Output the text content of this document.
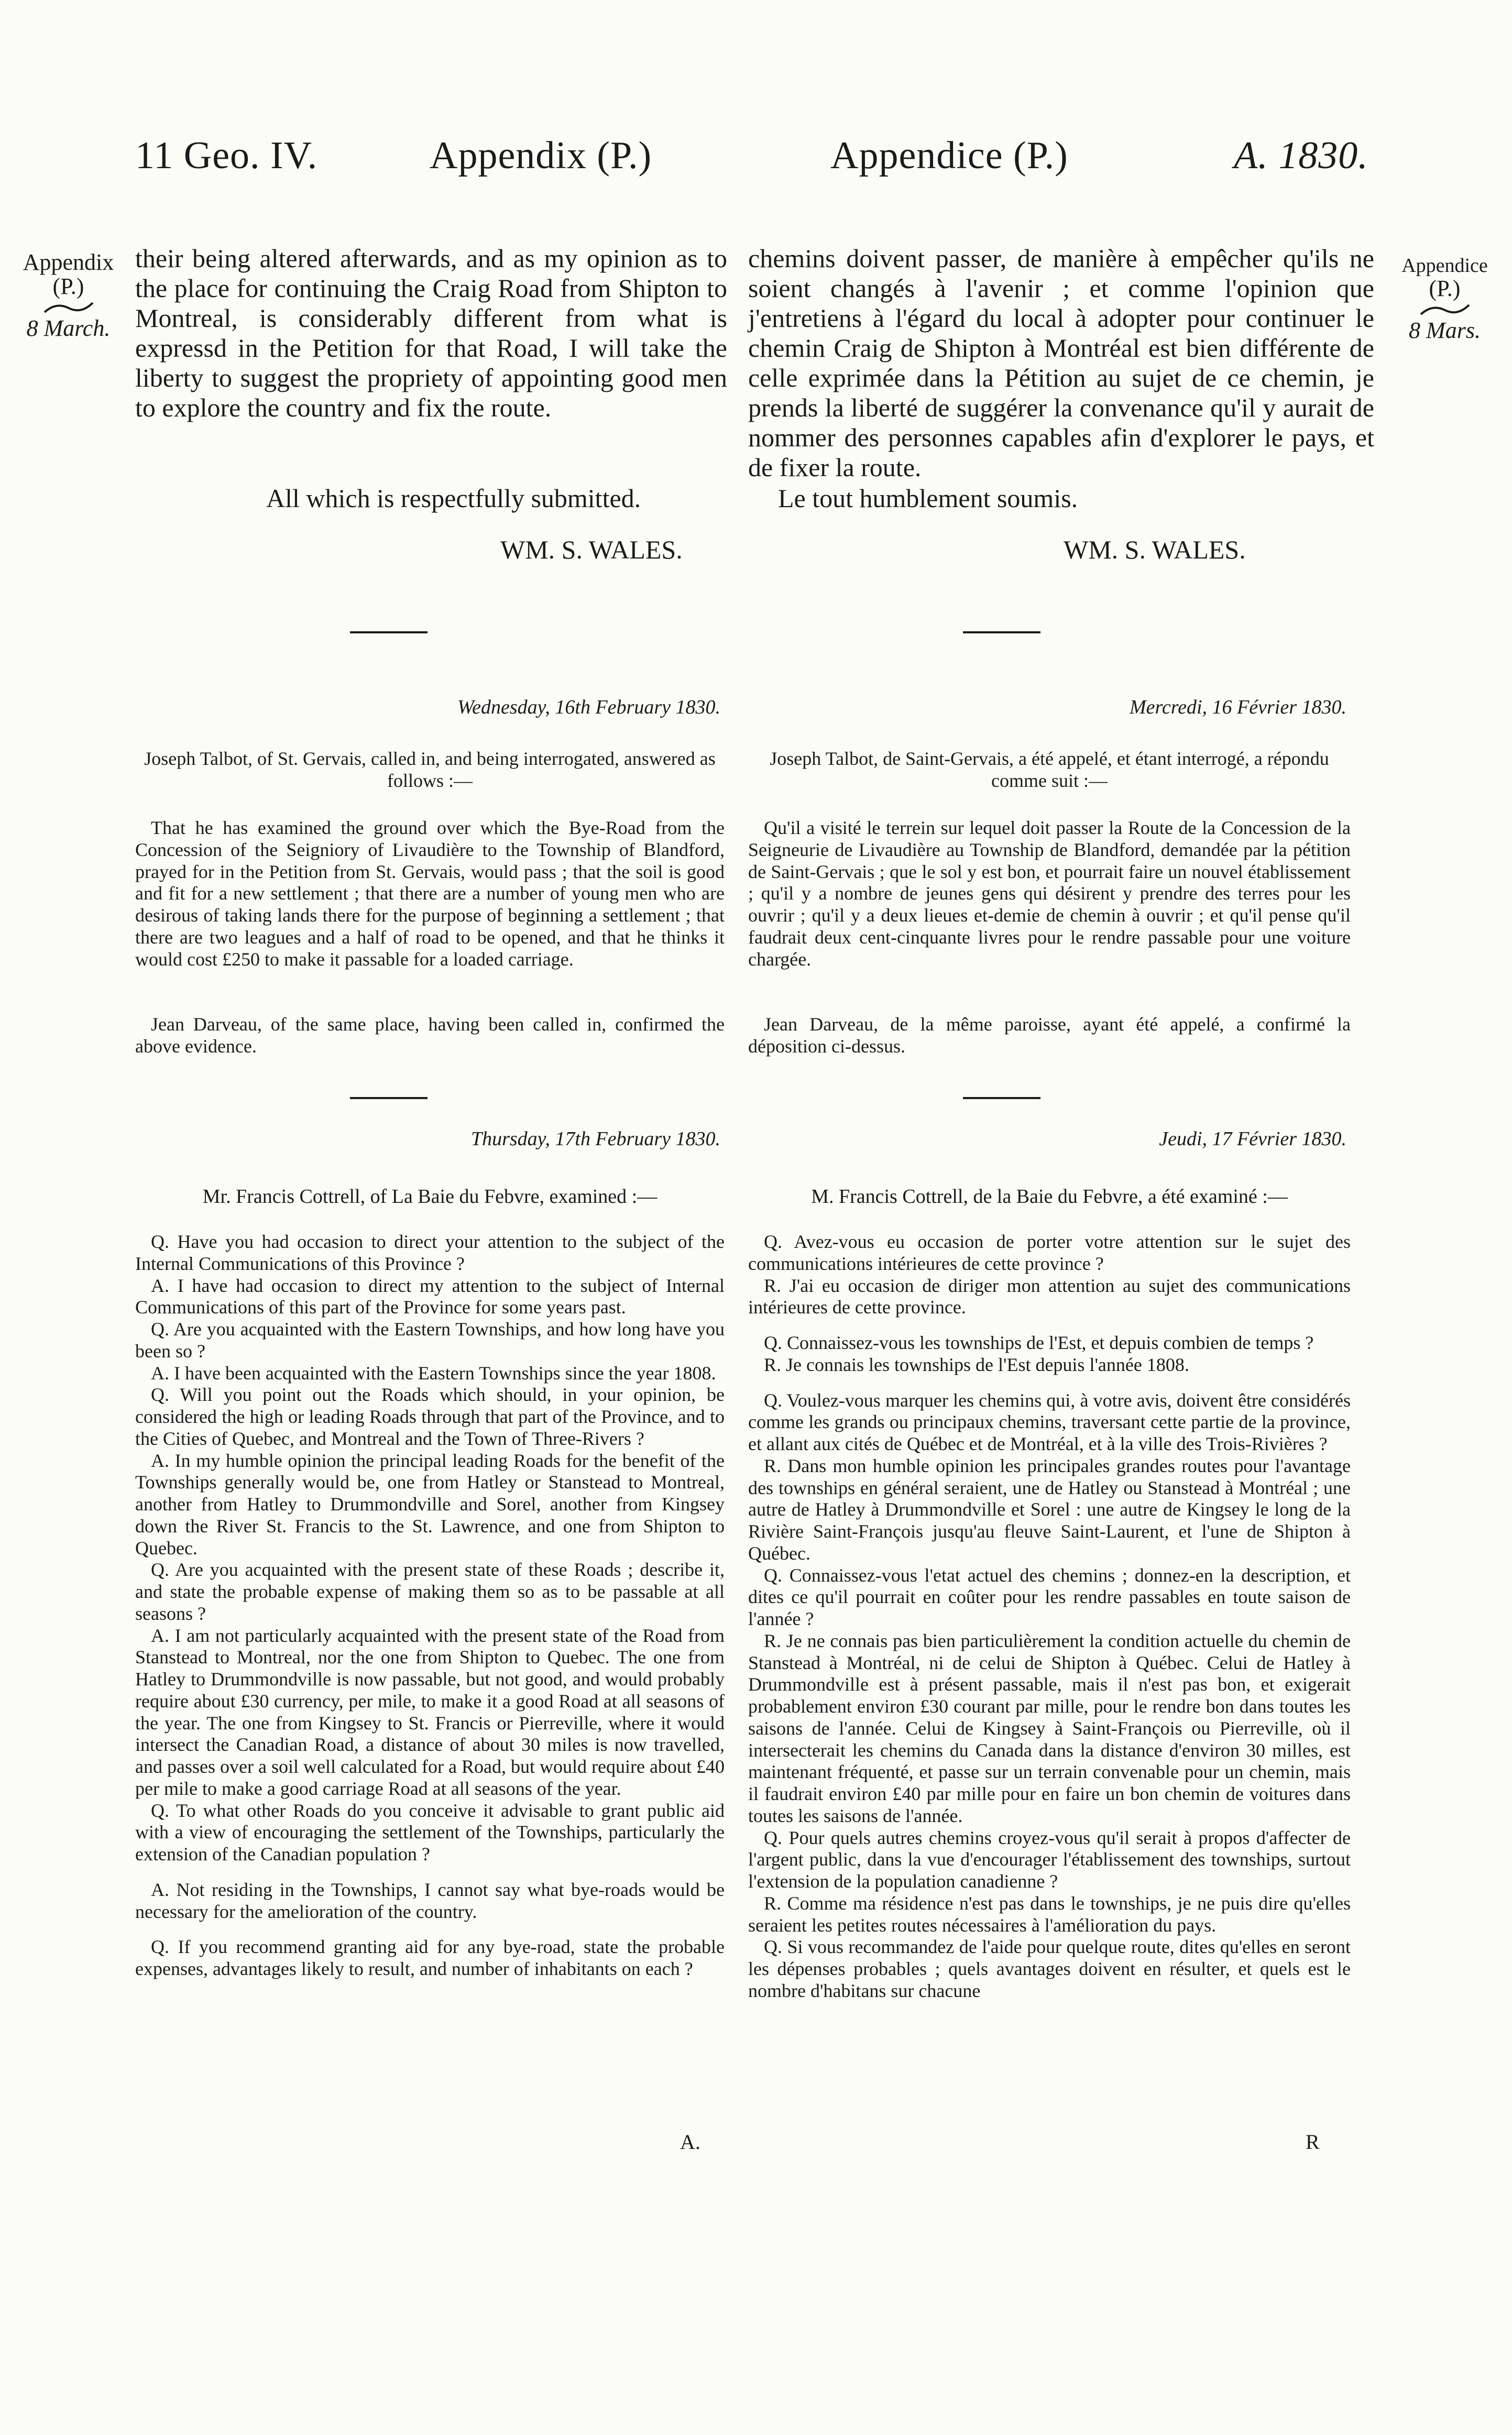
11 Geo. IV.	Appendix (P.)	Appendice (P.)	A. 1830.
Appendix
(P.)
8 March.
Appendice
(P.)
8 Mars.
their being altered afterwards, and as my opinion as to the place for continuing the Craig Road from Shipton to Montreal, is considerably different from what is expressd in the Petition for that Road, I will take the liberty to suggest the propriety of appointing good men to explore the country and fix the route.
chemins doivent passer, de manière à empêcher qu'ils ne soient changés à l'avenir ; et comme l'opinion que j'entretiens à l'égard du local à adopter pour continuer le chemin Craig de Shipton à Montréal est bien différente de celle exprimée dans la Pétition au sujet de ce chemin, je prends la liberté de suggérer la convenance qu'il y aurait de nommer des personnes capables afin d'explorer le pays, et de fixer la route.
All which is respectfully submitted.	Le tout humblement soumis.
WM. S. WALES.	WM. S. WALES.
Wednesday, 16th February 1830.	Mercredi, 16 Février 1830.
Joseph Talbot, of St. Gervais, called in, and being interrogated, answered as follows :—
Joseph Talbot, de Saint-Gervais, a été appelé, et étant interrogé, a répondu comme suit :—
That he has examined the ground over which the Bye-Road from the Concession of the Seigniory of Livaudière to the Township of Blandford, prayed for in the Petition from St. Gervais, would pass ; that the soil is good and fit for a new settlement ; that there are a number of young men who are desirous of taking lands there for the purpose of beginning a settlement ; that there are two leagues and a half of road to be opened, and that he thinks it would cost £250 to make it passable for a loaded carriage.
Qu'il a visité le terrein sur lequel doit passer la Route de la Concession de la Seigneurie de Livaudière au Township de Blandford, demandée par la pétition de Saint-Gervais ; que le sol y est bon, et pourrait faire un nouvel établissement ; qu'il y a nombre de jeunes gens qui désirent y prendre des terres pour les ouvrir ; qu'il y a deux lieues et-demie de chemin à ouvrir ; et qu'il pense qu'il faudrait deux cent-cinquante livres pour le rendre passable pour une voiture chargée.
Jean Darveau, of the same place, having been called in, confirmed the above evidence.
Jean Darveau, de la même paroisse, ayant été appelé, a confirmé la déposition ci-dessus.
Thursday, 17th February 1830.	Jeudi, 17 Février 1830.
Mr. Francis Cottrell, of La Baie du Febvre, examined :—	M. Francis Cottrell, de la Baie du Febvre, a été examiné :—

Q. Have you had occasion to direct your attention to the subject of the Internal Communications of this Province ?

A. I have had occasion to direct my attention to the subject of Internal Communications of this part of the Province for some years past.

Q. Are you acquainted with the Eastern Townships, and how long have you been so ?

A. I have been acquainted with the Eastern Townships since the year 1808.

Q. Will you point out the Roads which should, in your opinion, be considered the high or leading Roads through that part of the Province, and to the Cities of Quebec, and Montreal and the Town of Three-Rivers ?

A. In my humble opinion the principal leading Roads for the benefit of the Townships generally would be, one from Hatley or Stanstead to Montreal, another from Hatley to Drummondville and Sorel, another from Kingsey down the River St. Francis to the St. Lawrence, and one from Shipton to Quebec.

Q. Are you acquainted with the present state of these Roads ; describe it, and state the probable expense of making them so as to be passable at all seasons ?

A. I am not particularly acquainted with the present state of the Road from Stanstead to Montreal, nor the one from Shipton to Quebec. The one from Hatley to Drummondville is now passable, but not good, and would probably require about £30 currency, per mile, to make it a good Road at all seasons of the year. The one from Kingsey to St. Francis or Pierreville, where it would intersect the Canadian Road, a distance of about 30 miles is now travelled, and passes over a soil well calculated for a Road, but would require about £40 per mile to make a good carriage Road at all seasons of the year.

Q. To what other Roads do you conceive it advisable to grant public aid with a view of encouraging the settlement of the Townships, particularly the extension of the Canadian population ?

A. Not residing in the Townships, I cannot say what bye-roads would be necessary for the amelioration of the country.

Q. If you recommend granting aid for any bye-road, state the probable expenses, advantages likely to result, and number of inhabitants on each ?

Q. Avez-vous eu occasion de porter votre attention sur le sujet des communications intérieures de cette province ?

R. J'ai eu occasion de diriger mon attention au sujet des communications intérieures de cette province.

Q. Connaissez-vous les townships de l'Est, et depuis combien de temps ?

R. Je connais les townships de l'Est depuis l'année 1808.

Q. Voulez-vous marquer les chemins qui, à votre avis, doivent être considérés comme les grands ou principaux chemins, traversant cette partie de la province, et allant aux cités de Québec et de Montréal, et à la ville des Trois-Rivières ?

R. Dans mon humble opinion les principales grandes routes pour l'avantage des townships en général seraient, une de Hatley ou Stanstead à Montréal ; une autre de Hatley à Drummondville et Sorel : une autre de Kingsey le long de la Rivière Saint-François jusqu'au fleuve Saint-Laurent, et l'une de Shipton à Québec.

Q. Connaissez-vous l'etat actuel des chemins ; donnez-en la description, et dites ce qu'il pourrait en coûter pour les rendre passables en toute saison de l'année ?

R. Je ne connais pas bien particulièrement la condition actuelle du chemin de Stanstead à Montréal, ni de celui de Shipton à Québec. Celui de Hatley à Drummondville est à présent passable, mais il n'est pas bon, et exigerait probablement environ £30 courant par mille, pour le rendre bon dans toutes les saisons de l'année. Celui de Kingsey à Saint-François ou Pierreville, où il intersecterait les chemins du Canada dans la distance d'environ 30 milles, est maintenant fréquenté, et passe sur un terrain convenable pour un chemin, mais il faudrait environ £40 par mille pour en faire un bon chemin de voitures dans toutes les saisons de l'année.

Q. Pour quels autres chemins croyez-vous qu'il serait à propos d'affecter de l'argent public, dans la vue d'encourager l'établissement des townships, surtout l'extension de la population canadienne ?

R. Comme ma résidence n'est pas dans le townships, je ne puis dire qu'elles seraient les petites routes nécessaires à l'amélioration du pays.

Q. Si vous recommandez de l'aide pour quelque route, dites qu'elles en seront les dépenses probables ; quels avantages doivent en résulter, et quels est le nombre d'habitans sur chacune

A.	R
